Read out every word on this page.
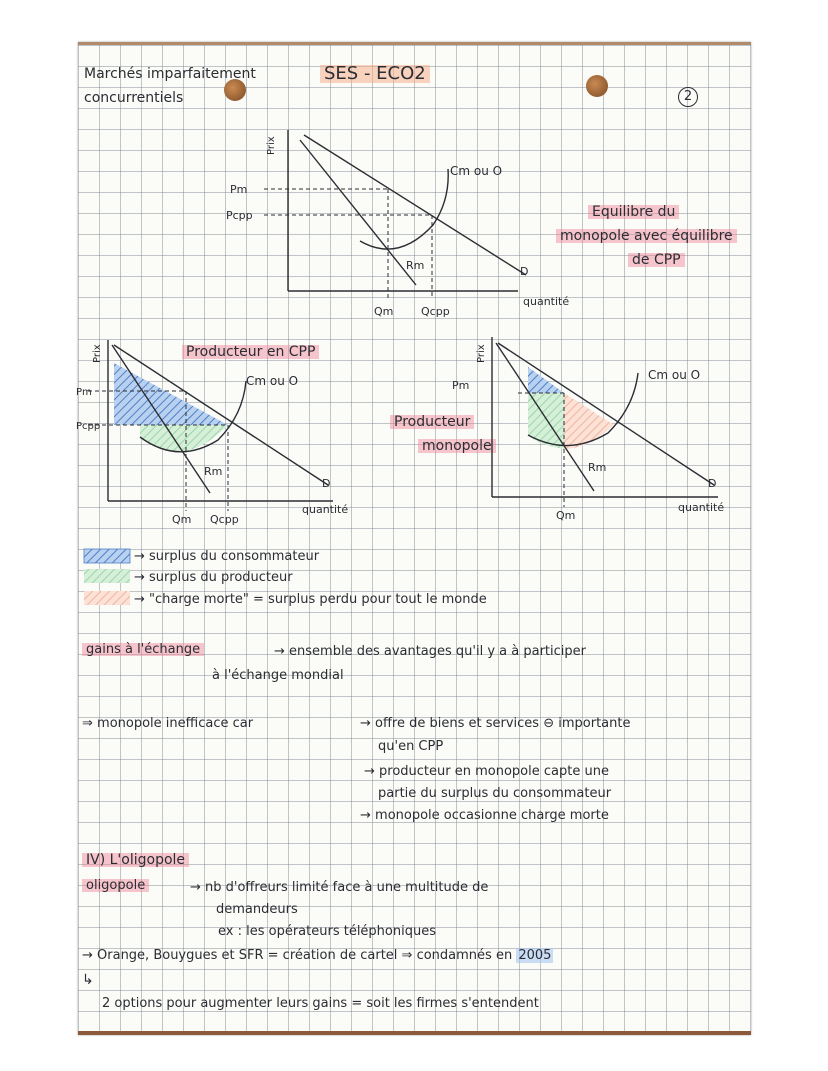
Marchés imparfaitement
concurrentiels
SES - ECO2
2
Equilibre du
monopole avec équilibre
de CPP
Producteur en CPP
Producteur
monopole
Prix
quantité
Pm
Pcpp
Qm	Qcpp
Cm ou O
Rm	D
Prix
quantité
Pm
Pcpp
Qm Qcpp
Cm ou O
Rm
D
Prix
quantité
Pm
Qm
Cm ou O
Rm
D
→ surplus du consommateur
→ surplus du producteur
→ "charge morte" = surplus perdu pour tout le monde
gains à l'échange	→ ensemble des avantages qu'il y a à participer
à l'échange mondial
⇒ monopole inefficace car	→ offre de biens et services ⊖ importante
qu'en CPP
→ producteur en monopole capte une
partie du surplus du consommateur
→ monopole occasionne charge morte
IV) L'oligopole
oligopole	→ nb d'offreurs limité face à une multitude de
demandeurs
ex : les opérateurs téléphoniques
→ Orange, Bouygues et SFR = création de cartel ⇒ condamnés en 2005
↳
2 options pour augmenter leurs gains = soit les firmes s'entendent
